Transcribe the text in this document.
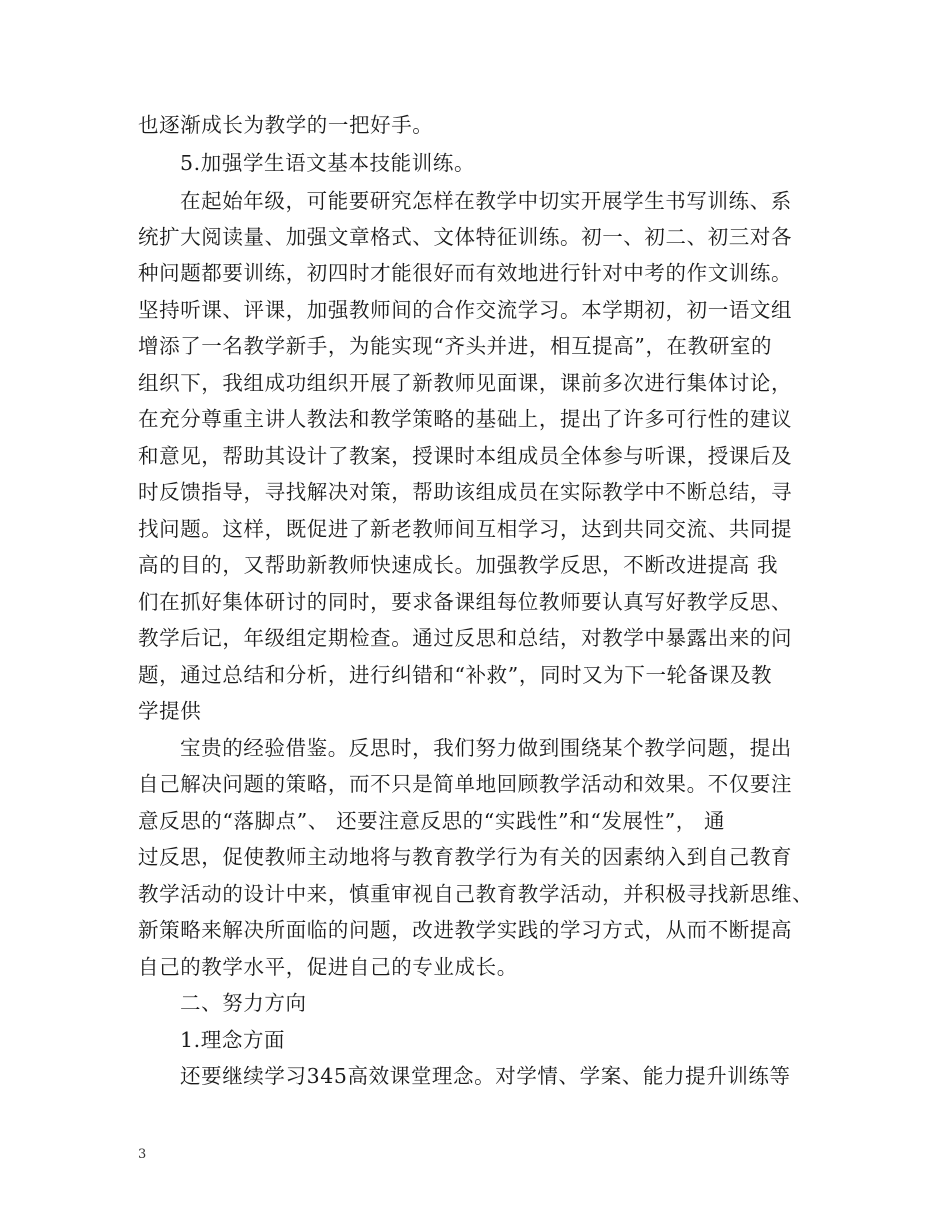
也逐渐成长为教学的一把好手。
5.加强学生语文基本技能训练。
在起始年级，可能要研究怎样在教学中切实开展学生书写训练、系
统扩大阅读量、加强文章格式、文体特征训练。初一、初二、初三对各
种问题都要训练，初四时才能很好而有效地进行针对中考的作文训练。
坚持听课、评课，加强教师间的合作交流学习。本学期初，初一语文组
增添了一名教学新手，为能实现“齐头并进，相互提高”，在教研室的
组织下，我组成功组织开展了新教师见面课，课前多次进行集体讨论，
在充分尊重主讲人教法和教学策略的基础上，提出了许多可行性的建议
和意见，帮助其设计了教案，授课时本组成员全体参与听课，授课后及
时反馈指导，寻找解决对策，帮助该组成员在实际教学中不断总结，寻
找问题。这样，既促进了新老教师间互相学习，达到共同交流、共同提
高的目的，又帮助新教师快速成长。加强教学反思，不断改进提高 我
们在抓好集体研讨的同时，要求备课组每位教师要认真写好教学反思、
教学后记，年级组定期检查。通过反思和总结，对教学中暴露出来的问
题，通过总结和分析，进行纠错和“补救”，同时又为下一轮备课及教
学提供
宝贵的经验借鉴。反思时，我们努力做到围绕某个教学问题，提出
自己解决问题的策略，而不只是简单地回顾教学活动和效果。不仅要注
意反思的“落脚点”、 还要注意反思的“实践性”和“发展性”， 通
过反思，促使教师主动地将与教育教学行为有关的因素纳入到自己教育
教学活动的设计中来，慎重审视自己教育教学活动，并积极寻找新思维、
新策略来解决所面临的问题，改进教学实践的学习方式，从而不断提高
自己的教学水平，促进自己的专业成长。
二、努力方向
1.理念方面
还要继续学习345高效课堂理念。对学情、学案、能力提升训练等
3
